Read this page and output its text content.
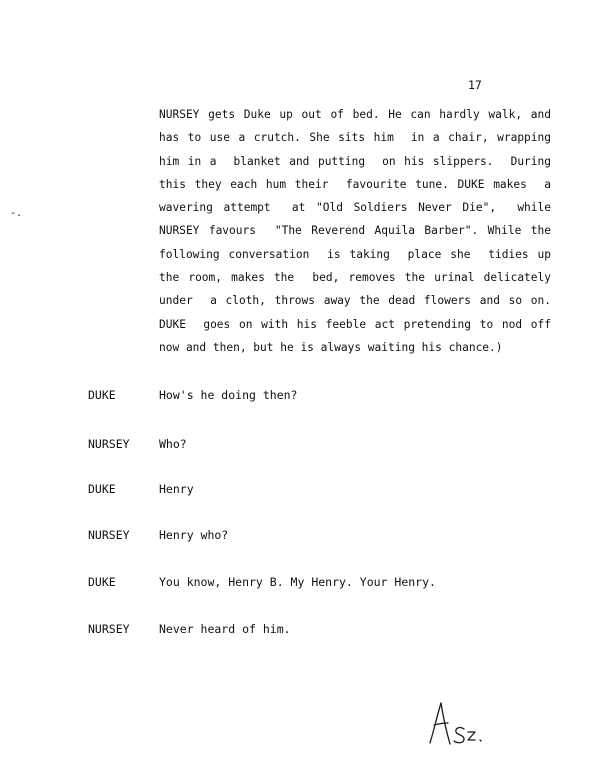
17

NURSEY gets Duke up out of bed. He can hardly walk, and
has to use a crutch. She sits him  in a chair, wrapping
him in a  blanket and putting  on his slippers.  During
this they each hum their  favourite tune. DUKE makes  a
wavering attempt  at "Old Soldiers Never Die",  while
NURSEY favours  "The Reverend Aquila Barber". While the
following conversation  is taking  place she  tidies up
the room, makes the  bed, removes the urinal delicately
under  a cloth, throws away the dead flowers and so on.
DUKE  goes on with his feeble act pretending to nod off
now and then, but he is always waiting his chance.)

DUKE	How's he doing then?
NURSEY	Who?
DUKE	Henry
NURSEY	Henry who?
DUKE	You know, Henry B. My Henry. Your Henry.
NURSEY	Never heard of him.
-.
